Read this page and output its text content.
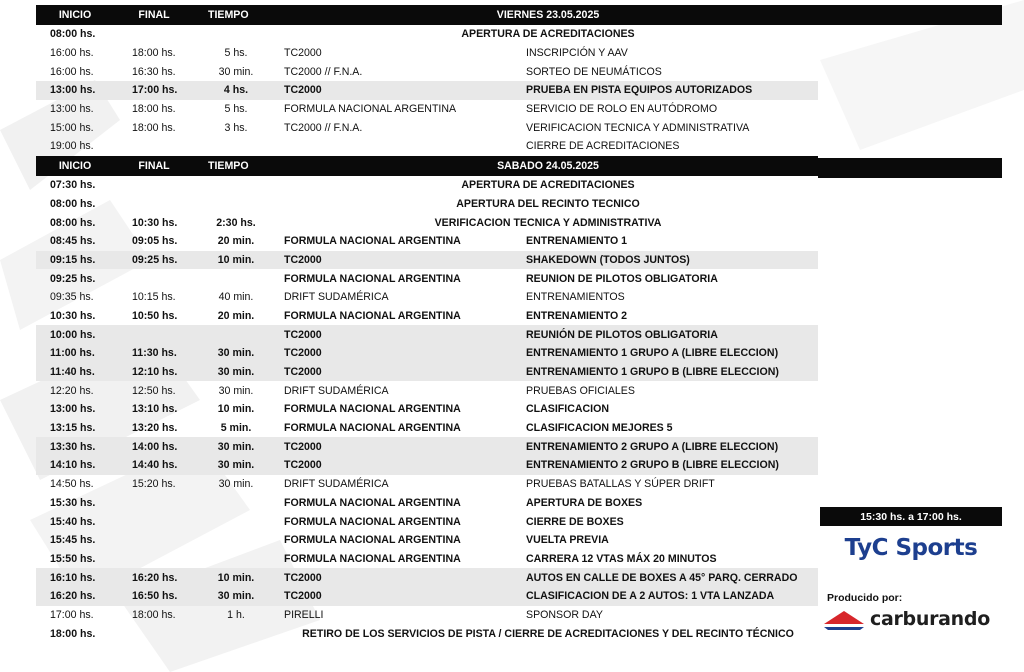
INICIO	FINAL	TIEMPO	VIERNES 23.05.2025
08:00 hs.	APERTURA DE ACREDITACIONES
16:00 hs.	18:00 hs.	5 hs.	TC2000	INSCRIPCIÓN Y AAV
16:00 hs.	16:30 hs.	30 min.	TC2000 // F.N.A.	SORTEO DE NEUMÁTICOS
13:00 hs.	17:00 hs.	4 hs.	TC2000	PRUEBA EN PISTA EQUIPOS AUTORIZADOS
13:00 hs.	18:00 hs.	5 hs.	FORMULA NACIONAL ARGENTINA	SERVICIO DE ROLO EN AUTÓDROMO
15:00 hs.	18:00 hs.	3 hs.	TC2000 // F.N.A.	VERIFICACION TECNICA Y ADMINISTRATIVA
19:00 hs.	CIERRE DE ACREDITACIONES
INICIO	FINAL	TIEMPO	SABADO 24.05.2025
07:30 hs.	APERTURA DE ACREDITACIONES
08:00 hs.	APERTURA DEL RECINTO TECNICO
08:00 hs.	10:30 hs.	2:30 hs.	VERIFICACION TECNICA Y ADMINISTRATIVA
08:45 hs.	09:05 hs.	20 min.	FORMULA NACIONAL ARGENTINA	ENTRENAMIENTO 1
09:15 hs.	09:25 hs.	10 min.	TC2000	SHAKEDOWN (TODOS JUNTOS)
09:25 hs.	FORMULA NACIONAL ARGENTINA	REUNION DE PILOTOS OBLIGATORIA
09:35 hs.	10:15 hs.	40 min.	DRIFT SUDAMÉRICA	ENTRENAMIENTOS
10:30 hs.	10:50 hs.	20 min.	FORMULA NACIONAL ARGENTINA	ENTRENAMIENTO 2
10:00 hs.	TC2000	REUNIÓN DE PILOTOS OBLIGATORIA
11:00 hs.	11:30 hs.	30 min.	TC2000	ENTRENAMIENTO 1 GRUPO A (LIBRE ELECCION)
11:40 hs.	12:10 hs.	30 min.	TC2000	ENTRENAMIENTO 1 GRUPO B (LIBRE ELECCION)
12:20 hs.	12:50 hs.	30 min.	DRIFT SUDAMÉRICA	PRUEBAS OFICIALES
13:00 hs.	13:10 hs.	10 min.	FORMULA NACIONAL ARGENTINA	CLASIFICACION
13:15 hs.	13:20 hs.	5 min.	FORMULA NACIONAL ARGENTINA	CLASIFICACION MEJORES 5
13:30 hs.	14:00 hs.	30 min.	TC2000	ENTRENAMIENTO 2 GRUPO A (LIBRE ELECCION)
14:10 hs.	14:40 hs.	30 min.	TC2000	ENTRENAMIENTO 2 GRUPO B (LIBRE ELECCION)
14:50 hs.	15:20 hs.	30 min.	DRIFT SUDAMÉRICA	PRUEBAS BATALLAS Y SÚPER DRIFT
15:30 hs.	FORMULA NACIONAL ARGENTINA	APERTURA DE BOXES
15:40 hs.	FORMULA NACIONAL ARGENTINA	CIERRE DE BOXES
15:45 hs.	FORMULA NACIONAL ARGENTINA	VUELTA PREVIA
15:50 hs.	FORMULA NACIONAL ARGENTINA	CARRERA 12 VTAS MÁX 20 MINUTOS
16:10 hs.	16:20 hs.	10 min.	TC2000	AUTOS EN CALLE DE BOXES A 45° PARQ. CERRADO
16:20 hs.	16:50 hs.	30 min.	TC2000	CLASIFICACION DE A 2 AUTOS: 1 VTA LANZADA
17:00 hs.	18:00 hs.	1 h.	PIRELLI	SPONSOR DAY
18:00 hs.	RETIRO DE LOS SERVICIOS DE PISTA / CIERRE DE ACREDITACIONES Y DEL RECINTO TÉCNICO
15:30 hs. a 17:00 hs.
TyC Sports
Producido por:
carburando
